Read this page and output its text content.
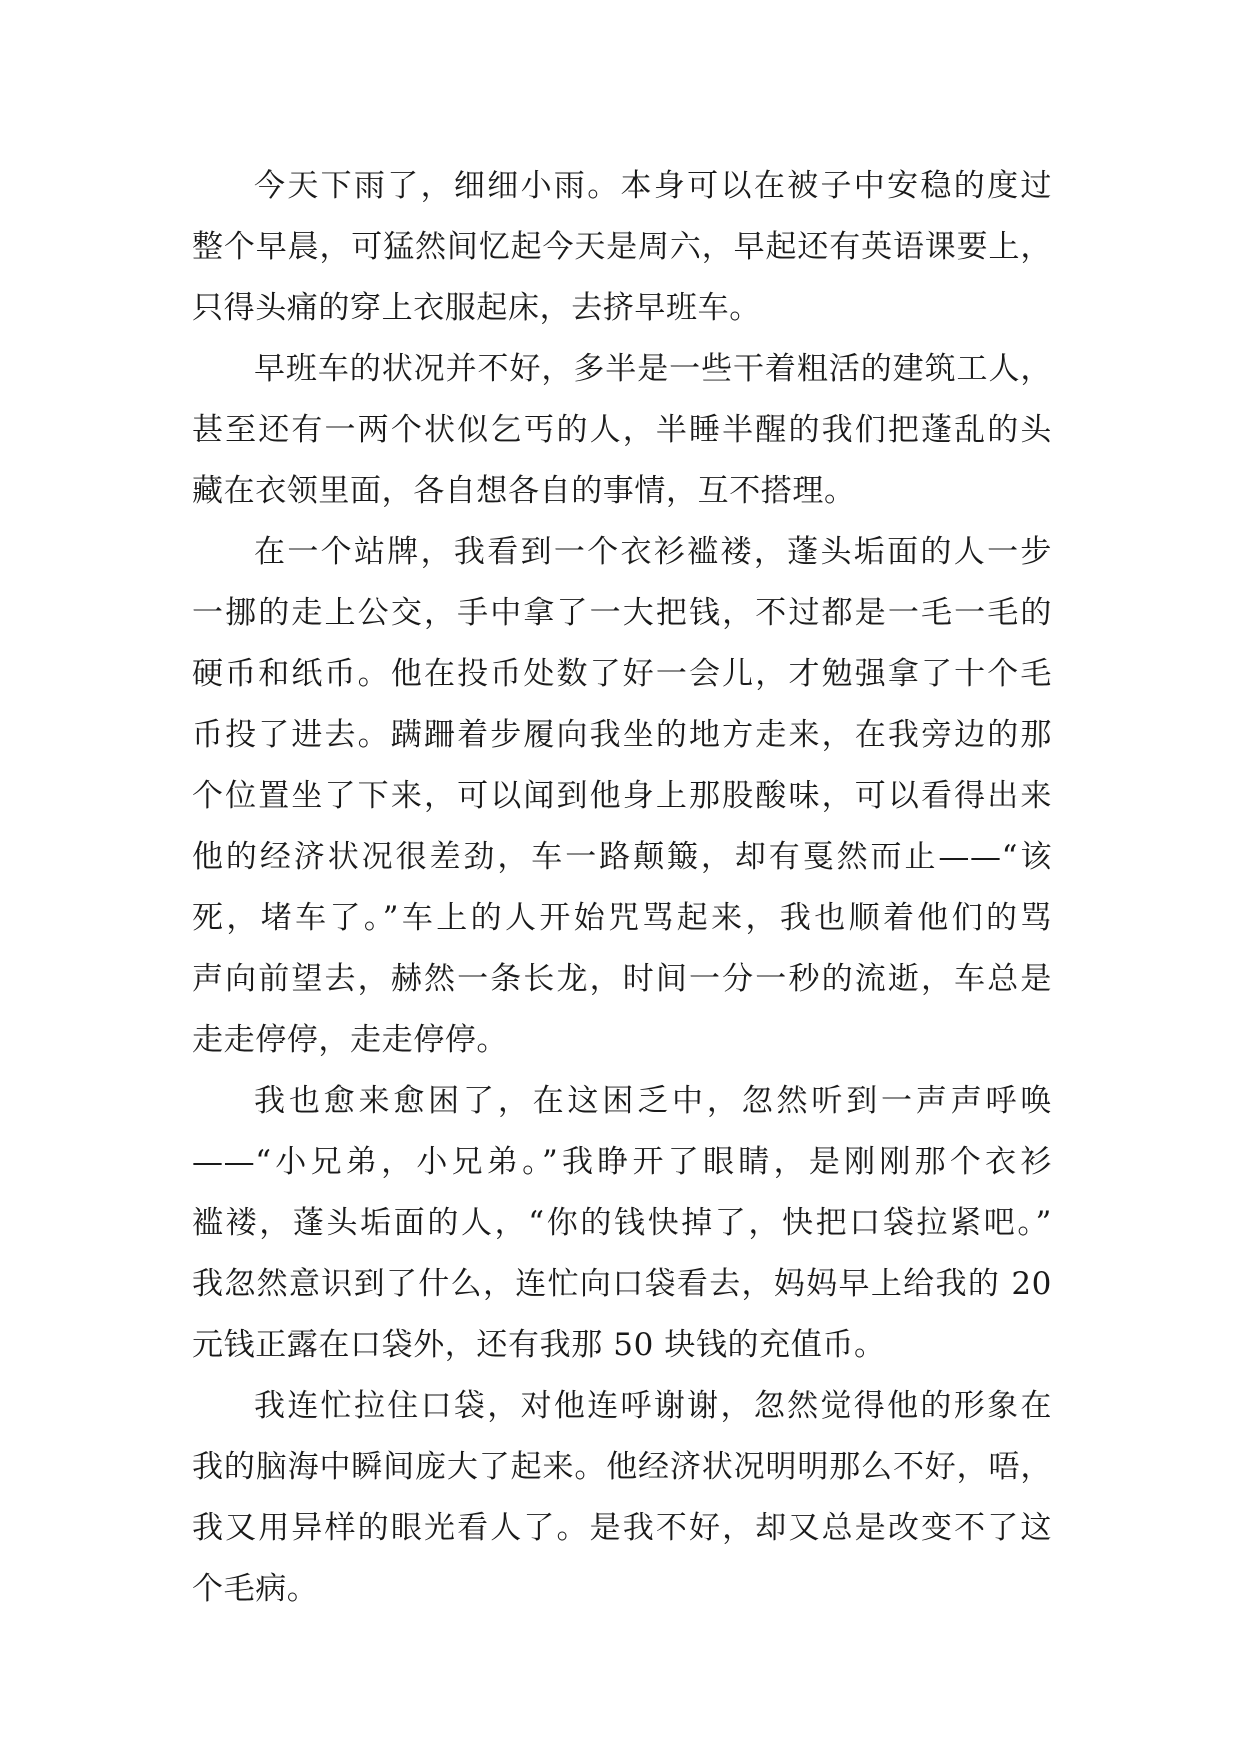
今天下雨了，细细小雨。本身可以在被子中安稳的度过
整个早晨，可猛然间忆起今天是周六，早起还有英语课要上，
只得头痛的穿上衣服起床，去挤早班车。

早班车的状况并不好，多半是一些干着粗活的建筑工人，
甚至还有一两个状似乞丐的人，半睡半醒的我们把蓬乱的头
藏在衣领里面，各自想各自的事情，互不搭理。

在一个站牌，我看到一个衣衫褴褛，蓬头垢面的人一步
一挪的走上公交，手中拿了一大把钱，不过都是一毛一毛的
硬币和纸币。他在投币处数了好一会儿，才勉强拿了十个毛
币投了进去。蹒跚着步履向我坐的地方走来，在我旁边的那
个位置坐了下来，可以闻到他身上那股酸味，可以看得出来
他的经济状况很差劲，车一路颠簸，却有戛然而止——“该
死，堵车了。”车上的人开始咒骂起来，我也顺着他们的骂
声向前望去，赫然一条长龙，时间一分一秒的流逝，车总是
走走停停，走走停停。

我也愈来愈困了，在这困乏中，忽然听到一声声呼唤
——“小兄弟，小兄弟。”我睁开了眼睛，是刚刚那个衣衫
褴褛，蓬头垢面的人，“你的钱快掉了，快把口袋拉紧吧。”
我忽然意识到了什么，连忙向口袋看去，妈妈早上给我的 20
元钱正露在口袋外，还有我那 50 块钱的充值币。

我连忙拉住口袋，对他连呼谢谢，忽然觉得他的形象在
我的脑海中瞬间庞大了起来。他经济状况明明那么不好，唔，
我又用异样的眼光看人了。是我不好，却又总是改变不了这
个毛病。
